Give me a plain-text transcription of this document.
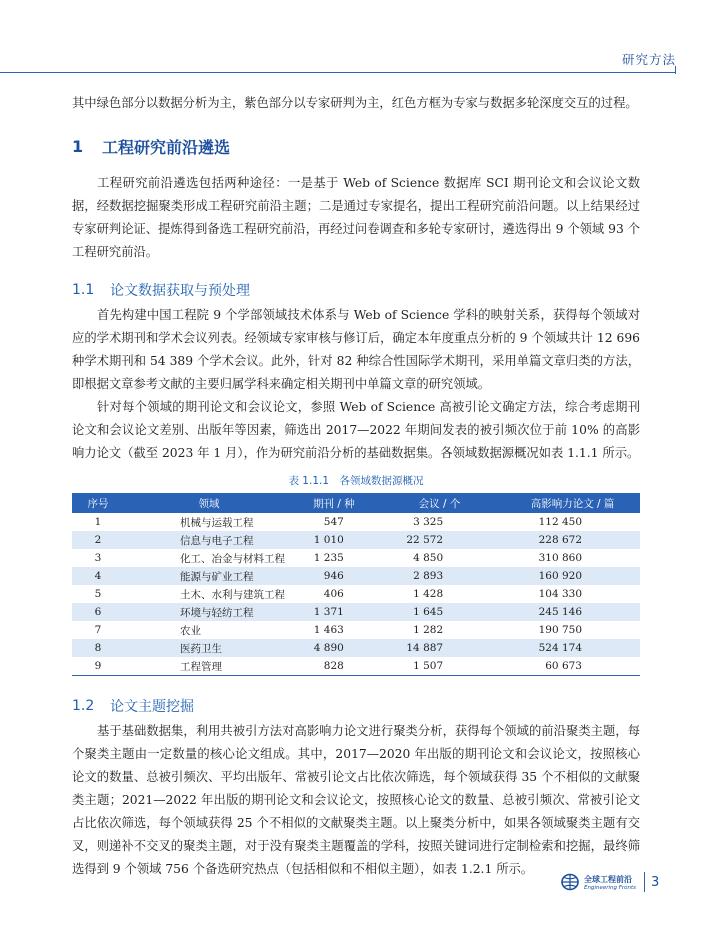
研究方法

其中绿色部分以数据分析为主，紫色部分以专家研判为主，红色方框为专家与数据多轮深度交互的过程。

1	工程研究前沿遴选

工程研究前沿遴选包括两种途径：一是基于 Web of Science 数据库 SCI 期刊论文和会议论文数据，经数据挖掘聚类形成工程研究前沿主题；二是通过专家提名，提出工程研究前沿问题。以上结果经过专家研判论证、提炼得到备选工程研究前沿，再经过问卷调查和多轮专家研讨，遴选得出 9 个领域 93 个工程研究前沿。

1.1	论文数据获取与预处理

首先构建中国工程院 9 个学部领域技术体系与 Web of Science 学科的映射关系，获得每个领域对应的学术期刊和学术会议列表。经领域专家审核与修订后，确定本年度重点分析的 9 个领域共计 12 696 种学术期刊和 54 389 个学术会议。此外，针对 82 种综合性国际学术期刊，采用单篇文章归类的方法，即根据文章参考文献的主要归属学科来确定相关期刊中单篇文章的研究领域。

针对每个领域的期刊论文和会议论文，参照 Web of Science 高被引论文确定方法，综合考虑期刊论文和会议论文差别、出版年等因素，筛选出 2017—2022 年期间发表的被引频次位于前 10% 的高影响力论文（截至 2023 年 1 月），作为研究前沿分析的基础数据集。各领域数据源概况如表 1.1.1 所示。

表 1.1.1　各领域数据源概况
序号	领域	期刊 / 种	会议 / 个	高影响力论文 / 篇
1	机械与运载工程	547	3 325	112 450
2	信息与电子工程	1 010	22 572	228 672
3	化工、冶金与材料工程	1 235	4 850	310 860
4	能源与矿业工程	946	2 893	160 920
5	土木、水利与建筑工程	406	1 428	104 330
6	环境与轻纺工程	1 371	1 645	245 146
7	农业	1 463	1 282	190 750
8	医药卫生	4 890	14 887	524 174
9	工程管理	828	1 507	60 673
1.2	论文主题挖掘

基于基础数据集，利用共被引方法对高影响力论文进行聚类分析，获得每个领域的前沿聚类主题，每个聚类主题由一定数量的核心论文组成。其中，2017—2020 年出版的期刊论文和会议论文，按照核心论文的数量、总被引频次、平均出版年、常被引论文占比依次筛选，每个领域获得 35 个不相似的文献聚类主题；2021—2022 年出版的期刊论文和会议论文，按照核心论文的数量、总被引频次、常被引论文占比依次筛选，每个领域获得 25 个不相似的文献聚类主题。以上聚类分析中，如果各领域聚类主题有交叉，则递补不交叉的聚类主题，对于没有聚类主题覆盖的学科，按照关键词进行定制检索和挖掘，最终筛选得到 9 个领域 756 个备选研究热点（包括相似和不相似主题），如表 1.2.1 所示。

全球工程前沿
Engineering Fronts 3
